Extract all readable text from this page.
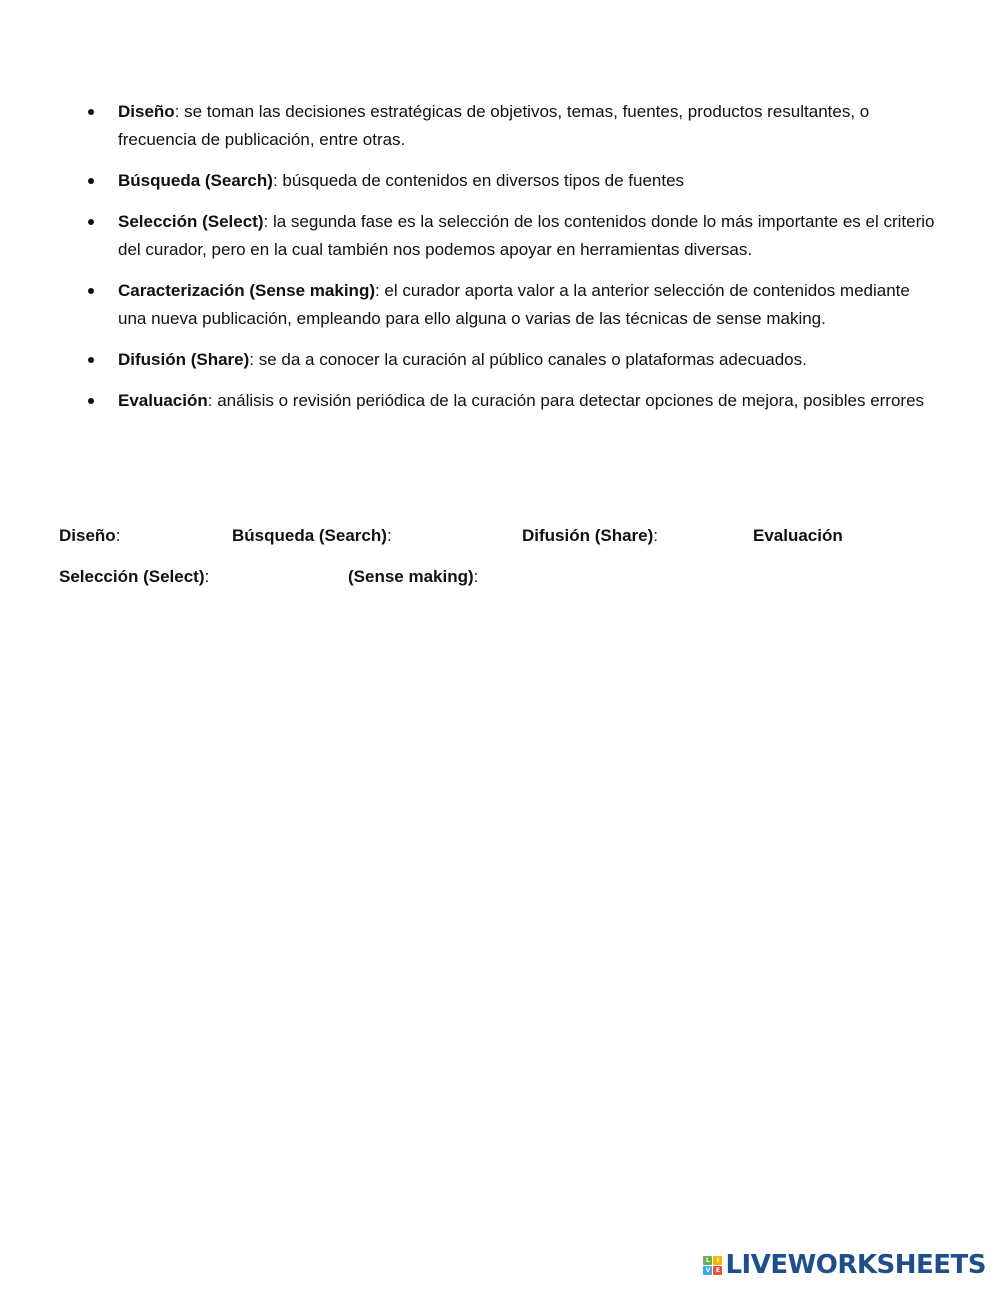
Diseño: se toman las decisiones estratégicas de objetivos, temas, fuentes, productos resultantes, o frecuencia de publicación, entre otras.
Búsqueda (Search): búsqueda de contenidos en diversos tipos de fuentes
Selección (Select): la segunda fase es la selección de los contenidos donde lo más importante es el criterio del curador, pero en la cual también nos podemos apoyar en herramientas diversas.
Caracterización (Sense making): el curador aporta valor a la anterior selección de contenidos mediante una nueva publicación, empleando para ello alguna o varias de las técnicas de sense making.
Difusión (Share): se da a conocer la curación al público canales o plataformas adecuados.
Evaluación: análisis o revisión periódica de la curación para detectar opciones de mejora, posibles errores
Diseño:	Búsqueda (Search):	Difusión (Share):	Evaluación
Selección (Select):	(Sense making):
L	I
V E LIVEWORKSHEETS
